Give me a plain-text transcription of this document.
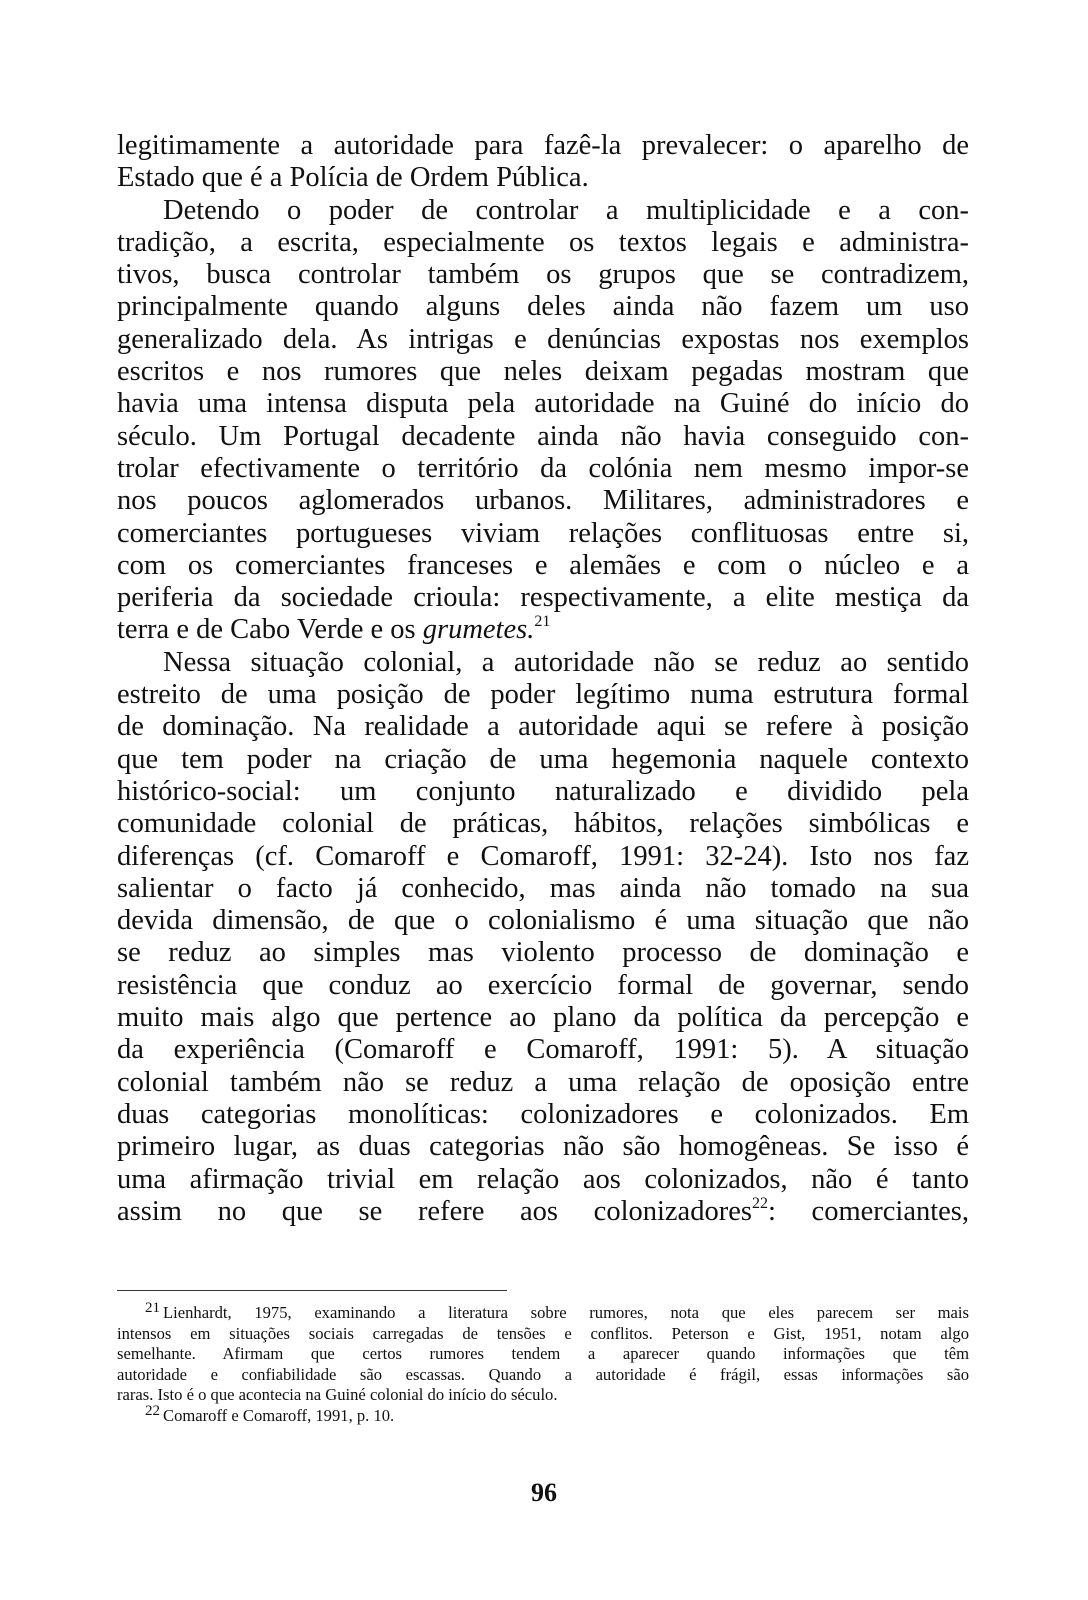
legitimamente a autoridade para fazê-la prevalecer: o aparelho de
Estado que é a Polícia de Ordem Pública.
Detendo o poder de controlar a multiplicidade e a con-
tradição, a escrita, especialmente os textos legais e administra-
tivos, busca controlar também os grupos que se contradizem,
principalmente quando alguns deles ainda não fazem um uso
generalizado dela. As intrigas e denúncias expostas nos exemplos
escritos e nos rumores que neles deixam pegadas mostram que
havia uma intensa disputa pela autoridade na Guiné do início do
século. Um Portugal decadente ainda não havia conseguido con-
trolar efectivamente o território da colónia nem mesmo impor-se
nos poucos aglomerados urbanos. Militares, administradores e
comerciantes portugueses viviam relações conflituosas entre si,
com os comerciantes franceses e alemães e com o núcleo e a
periferia da sociedade crioula: respectivamente, a elite mestiça da
terra e de Cabo Verde e os grumetes.$^{21}$
Nessa situação colonial, a autoridade não se reduz ao sentido
estreito de uma posição de poder legítimo numa estrutura formal
de dominação. Na realidade a autoridade aqui se refere à posição
que tem poder na criação de uma hegemonia naquele contexto
histórico-social: um conjunto naturalizado e dividido pela
comunidade colonial de práticas, hábitos, relações simbólicas e
diferenças (cf. Comaroff e Comaroff, 1991: 32-24). Isto nos faz
salientar o facto já conhecido, mas ainda não tomado na sua
devida dimensão, de que o colonialismo é uma situação que não
se reduz ao simples mas violento processo de dominação e
resistência que conduz ao exercício formal de governar, sendo
muito mais algo que pertence ao plano da política da percepção e
da experiência (Comaroff e Comaroff, 1991: 5). A situação
colonial também não se reduz a uma relação de oposição entre
duas categorias monolíticas: colonizadores e colonizados. Em
primeiro lugar, as duas categorias não são homogêneas. Se isso é
uma afirmação trivial em relação aos colonizados, não é tanto
assim no que se refere aos colonizadores$^{22}$: comerciantes,
$^{21}$ Lienhardt, 1975, examinando a literatura sobre rumores, nota que eles parecem ser mais
intensos em situações sociais carregadas de tensões e conflitos. Peterson e Gist, 1951, notam algo
semelhante. Afirmam que certos rumores tendem a aparecer quando informações que têm
autoridade e confiabilidade são escassas. Quando a autoridade é frágil, essas informações são
raras. Isto é o que acontecia na Guiné colonial do início do século.
$^{22}$ Comaroff e Comaroff, 1991, p. 10.
96
